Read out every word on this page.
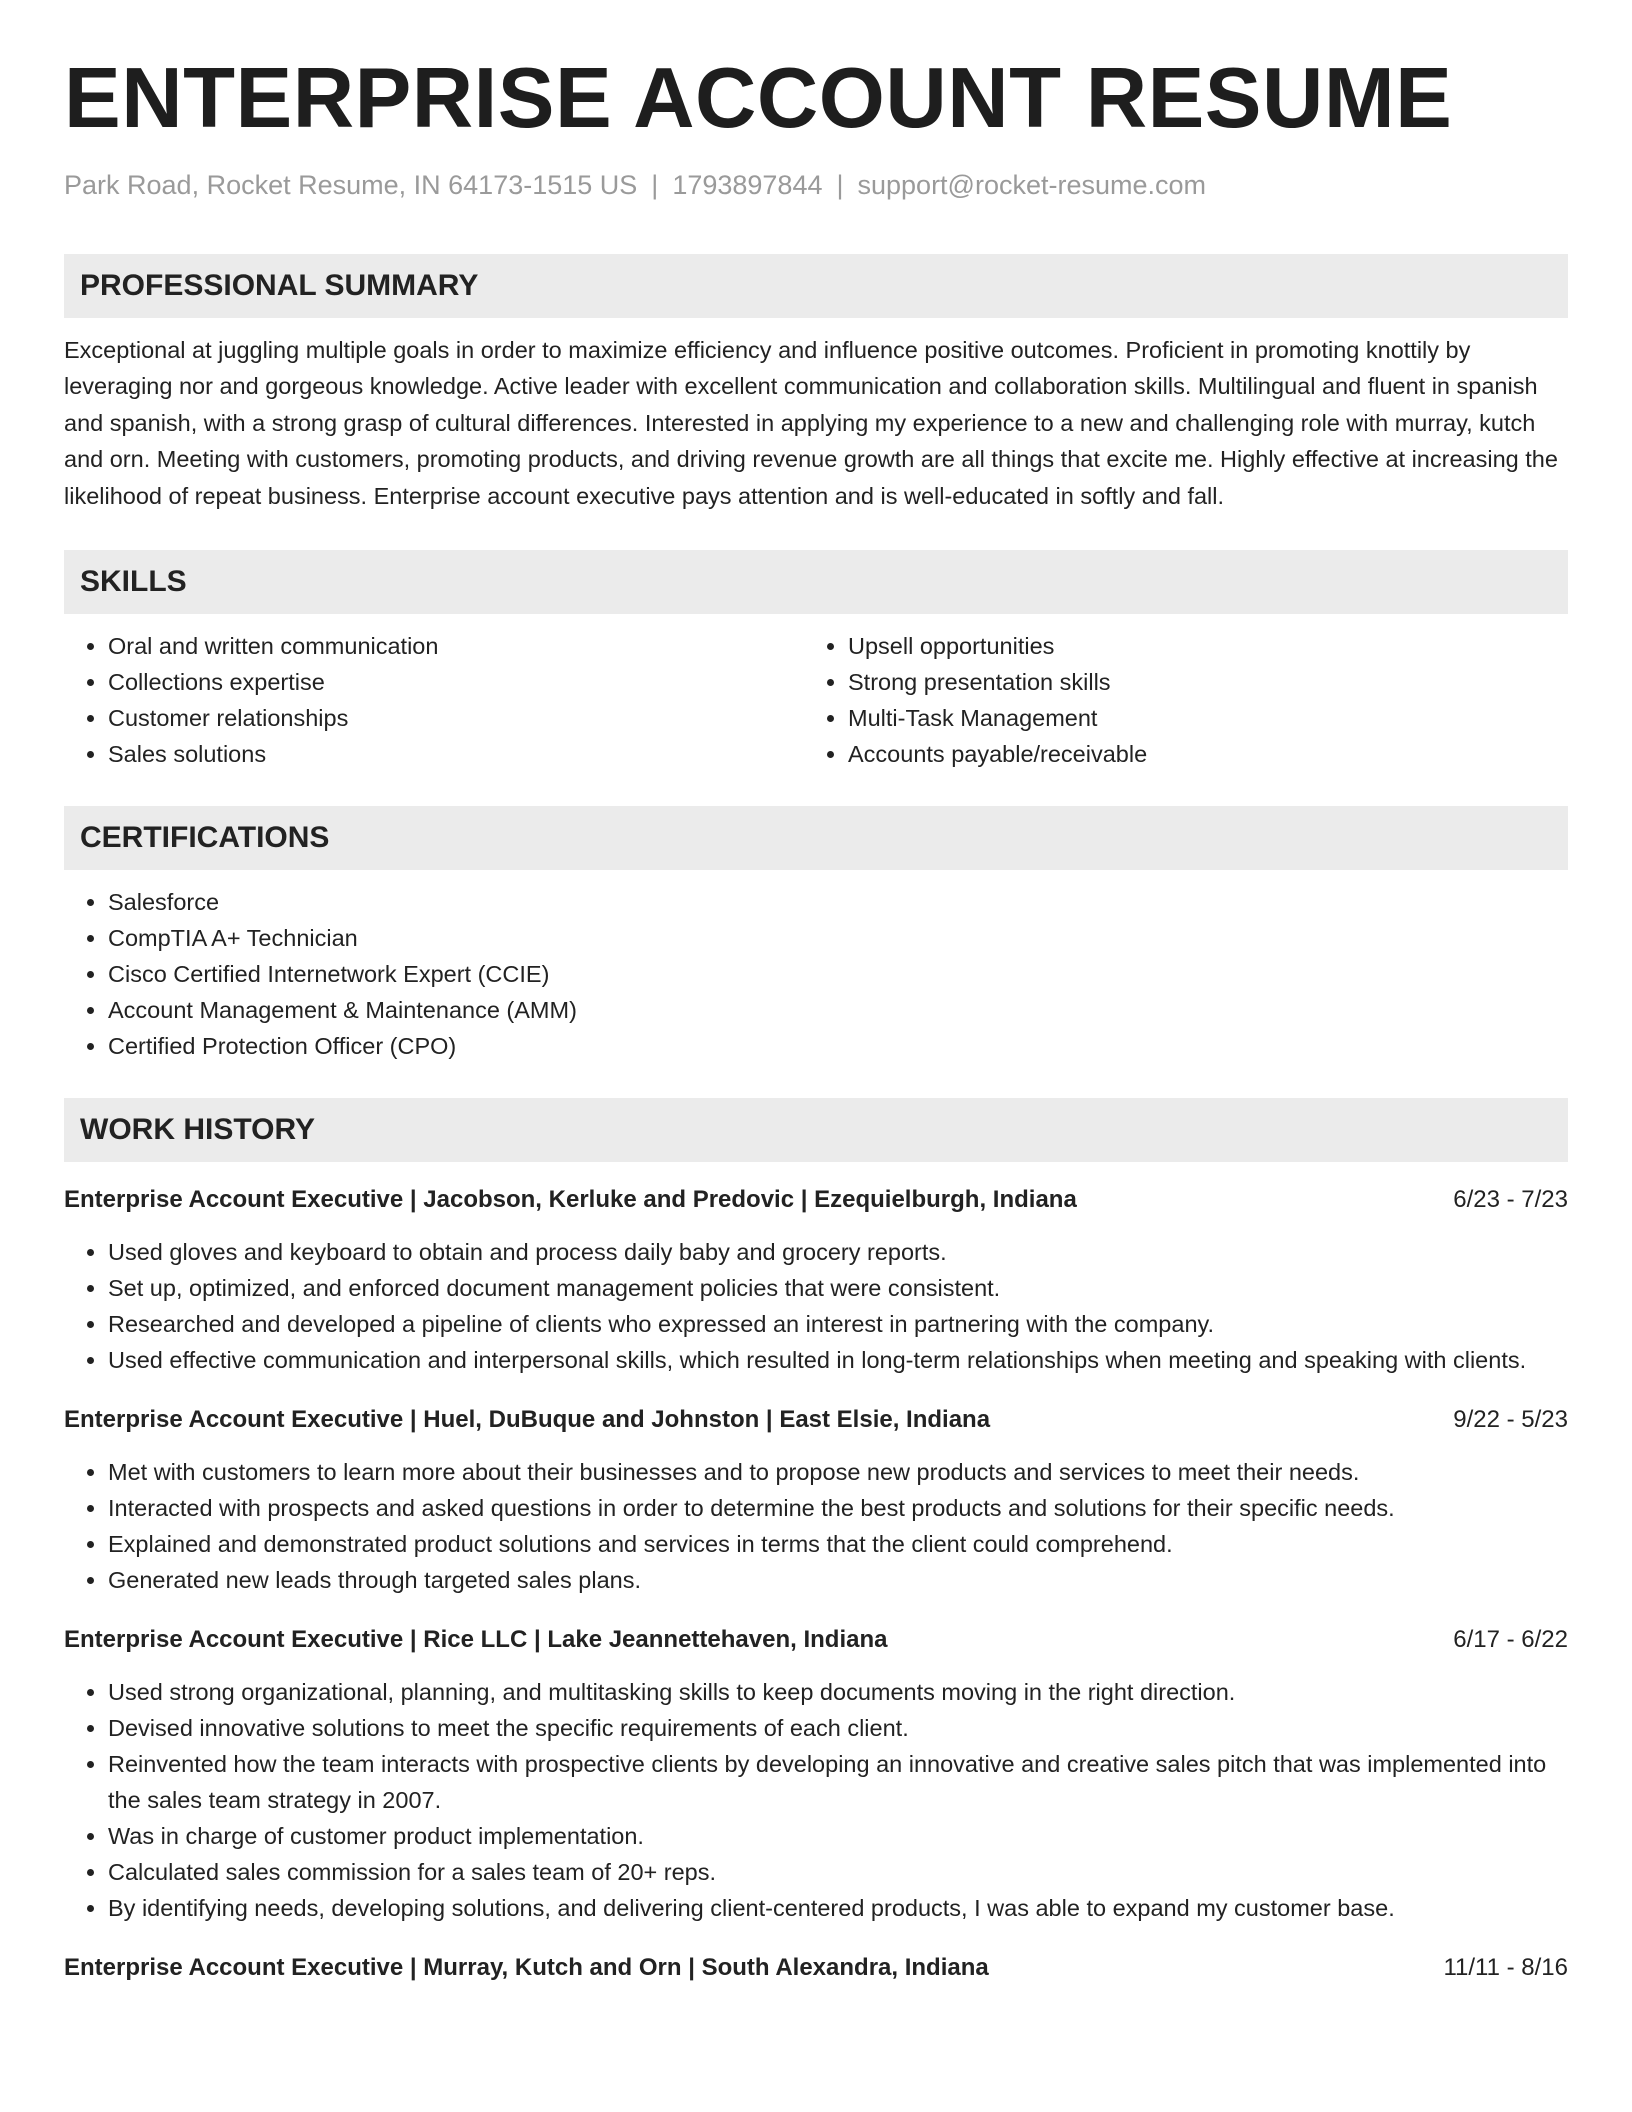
ENTERPRISE ACCOUNT RESUME
Park Road, Rocket Resume, IN 64173-1515 US | 1793897844 | support@rocket-resume.com
PROFESSIONAL SUMMARY

Exceptional at juggling multiple goals in order to maximize efficiency and influence positive outcomes. Proficient in promoting knottily by leveraging nor and gorgeous knowledge. Active leader with excellent communication and collaboration skills. Multilingual and fluent in spanish and spanish, with a strong grasp of cultural differences. Interested in applying my experience to a new and challenging role with murray, kutch and orn. Meeting with customers, promoting products, and driving revenue growth are all things that excite me. Highly effective at increasing the likelihood of repeat business. Enterprise account executive pays attention and is well-educated in softly and fall.

SKILLS
• Oral and written communication
• Collections expertise
• Customer relationships
• Sales solutions
• Upsell opportunities
• Strong presentation skills
• Multi-Task Management
• Accounts payable/receivable
CERTIFICATIONS
• Salesforce
• CompTIA A+ Technician
• Cisco Certified Internetwork Expert (CCIE)
• Account Management & Maintenance (AMM)
• Certified Protection Officer (CPO)
WORK HISTORY
Enterprise Account Executive | Jacobson, Kerluke and Predovic | Ezequielburgh, Indiana	6/23 - 7/23
• Used gloves and keyboard to obtain and process daily baby and grocery reports.
• Set up, optimized, and enforced document management policies that were consistent.
• Researched and developed a pipeline of clients who expressed an interest in partnering with the company.
• Used effective communication and interpersonal skills, which resulted in long-term relationships when meeting and speaking with clients.
Enterprise Account Executive | Huel, DuBuque and Johnston | East Elsie, Indiana	9/22 - 5/23
• Met with customers to learn more about their businesses and to propose new products and services to meet their needs.
• Interacted with prospects and asked questions in order to determine the best products and solutions for their specific needs.
• Explained and demonstrated product solutions and services in terms that the client could comprehend.
• Generated new leads through targeted sales plans.
Enterprise Account Executive | Rice LLC | Lake Jeannettehaven, Indiana	6/17 - 6/22
• Used strong organizational, planning, and multitasking skills to keep documents moving in the right direction.
• Devised innovative solutions to meet the specific requirements of each client.
• Reinvented how the team interacts with prospective clients by developing an innovative and creative sales pitch that was implemented into the sales team strategy in 2007.
• Was in charge of customer product implementation.
• Calculated sales commission for a sales team of 20+ reps.
• By identifying needs, developing solutions, and delivering client-centered products, I was able to expand my customer base.
Enterprise Account Executive | Murray, Kutch and Orn | South Alexandra, Indiana	11/11 - 8/16
